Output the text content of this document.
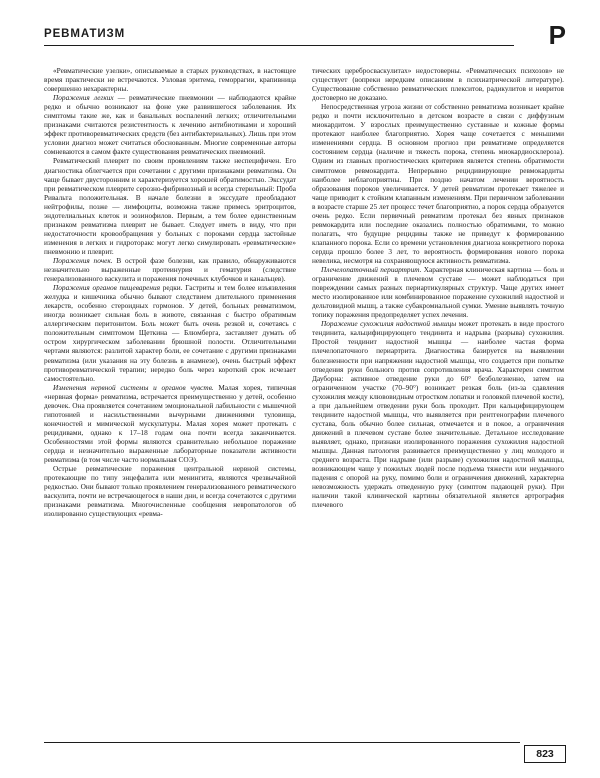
РЕВМАТИЗМ	Р

«Ревматические узелки», описываемые в старых руководствах, в настоящее время практически не встречаются. Узловая эритема, геморрагии, крапивница совершенно нехарактерны.

Поражения легких — ревматические пневмонии — наблюдаются крайне редко и обычно возникают на фоне уже развившегося заболевания. Их симптомы такие же, как и банальных воспалений легких; отличительными признаками считаются резистентность к лечению антибиотиками и хороший эффект противоревматических средств (без антибактериальных). Лишь при этом условии диагноз может считаться обоснованным. Многие современные авторы сомневаются в самом факте существования ревматических пневмоний.

Ревматический плеврит по своим проявлениям также неспецифичен. Его диагностика облегчается при сочетании с другими признаками ревматизма. Он чаще бывает двусторонним и характеризуется хорошей обратимостью. Экссудат при ревматическом плеврите серозно-фибринозный и всегда стерильный: Проба Ривальта положительная. В начале болезни в экссудате преобладают нейтрофилы, позже — лимфоциты, возможна также примесь эритроцитов, эндотелиальных клеток и эозинофилов. Первым, а тем более единственным признаком ревматизма плеврит не бывает. Следует иметь в виду, что при недостаточности кровообращения у больных с пороками сердца застойные изменения в легких и гидроторакс могут легко симулировать «ревматические» пневмонию и плеврит.

Поражения почек. В острой фазе болезни, как правило, обнаруживаются незначительно выраженные протеинурия и гематурия (следствие генерализованного васкулита и поражения почечных клубочков и канальцев).

Поражения органов пищеварения редки. Гастриты и тем более изъязвления желудка и кишечника обычно бывают следствием длительного применения лекарств, особенно стероидных гормонов. У детей, больных ревматизмом, иногда возникает сильная боль в животе, связанная с быстро обратимым аллергическим перитонитом. Боль может быть очень резкой и, сочетаясь с положительным симптомом Щеткина — Блюмберга, заставляет думать об остром хирургическом заболевании брюшной полости. Отличительными чертами являются: разлитой характер боли, ее сочетание с другими признаками ревматизма (или указания на эту болезнь в анамнезе), очень быстрый эффект противоревматической терапии; нередко боль через короткий срок исчезает самостоятельно.

Изменения нервной системы и органов чувств. Малая хорея, типичная «нервная форма» ревматизма, встречается преимущественно у детей, особенно девочек. Она проявляется сочетанием эмоциональной лабильности с мышечной гипотонией и насильственными вычурными движениями туловища, конечностей и мимической мускулатуры. Малая хорея может протекать с рецидивами, однако к 17–18 годам она почти всегда заканчивается. Особенностями этой формы являются сравнительно небольшое поражение сердца и незначительно выраженные лабораторные показатели активности ревматизма (в том числе часто нормальная СОЭ).

Острые ревматические поражения центральной нервной системы, протекающие по типу энцефалита или менингита, являются чрезвычайной редкостью. Они бывают только проявлением генерализованного ревматического васкулита, почти не встречающегося в наши дни, и всегда сочетаются с другими признаками ревматизма. Многочисленные сообщения невропатологов об изолированно существующих «ревма-

тических церебросваскулитах» недостоверны. «Ревматических психозов» не существует (вопреки нередким описаниям в психиатрической литературе). Существование собственно ревматических плекситов, радикулитов и невритов достоверно не доказано.

Непосредственная угроза жизни от собственно ревматизма возникает крайне редко и почти исключительно в детском возрасте в связи с диффузным миокардитом. У взрослых преимущественно суставные и кожные формы протекают наиболее благоприятно. Хорея чаще сочетается с меньшими изменениями сердца. В основном прогноз при ревматизме определяется состоянием сердца (наличие и тяжесть порока, степень миокардиосклероза). Одним из главных прогностических критериев является степень обратимости симптомов ревмокардита. Непрерывно рецидивирующие ревмокардиты наиболее неблагоприятны. При поздно начатом лечении вероятность образования пороков увеличивается. У детей ревматизм протекает тяжелее и чаще приводит к стойким клапанным изменениям. При первичном заболевании в возрасте старше 25 лет процесс течет благоприятно, а порок сердца образуется очень редко. Если первичный ревматизм протекал без явных признаков ревмокардита или последние оказались полностью обратимыми, то можно полагать, что будущие рецидивы также не приведут к формированию клапанного порока. Если со времени установления диагноза конкретного порока сердца прошло более 3 лет, то вероятность формирования нового порока невелика, несмотря на сохраняющуюся активность ревматизма.

Плечелопаточный периартрит. Характерная клиническая картина — боль и ограничение движений в плечевом суставе — может наблюдаться при повреждении самых разных периартикулярных структур. Чаще других имеет место изолированное или комбинированное поражение сухожилий надостной и дельтовидной мышц, а также субакромиальной сумки. Умение выявлять точную топику поражения предопределяет успех лечения.

Поражение сухожилия надостной мышцы может протекать в виде простого тендинита, кальцифицирующего тендинита и надрыва (разрыва) сухожилия. Простой тендинит надостной мышцы — наиболее частая форма плечелопаточного периартрита. Диагностика базируется на выявлении болезненности при напряжении надостной мышцы, что создается при попытке отведения руки больного против сопротивления врача. Характерен симптом Дауборна: активное отведение руки до 60° безболезненно, затем на ограниченном участке (70–90°) возникает резкая боль (из-за сдавления сухожилия между клювовидным отростком лопатки и головкой плечевой кости), а при дальнейшем отведении руки боль проходит. При кальцифицирующем тендините надостной мышцы, что выявляется при рентгенографии плечевого сустава, боль обычно более сильная, отмечается и в покое, а ограничения движений в плечевом суставе более значительные. Детальное исследование выявляет, однако, признаки изолированного поражения сухожилия надостной мышцы. Данная патология развивается преимущественно у лиц молодого и среднего возраста. При надрыве (или разрыве) сухожилия надостной мышцы, возникающем чаще у пожилых людей после подъема тяжести или неудачного падения с опорой на руку, помимо боли и ограничения движений, характерна невозможность удержать отведенную руку (симптом падающей руки). При наличии такой клинической картины обязательной является артрография плечевого

823
